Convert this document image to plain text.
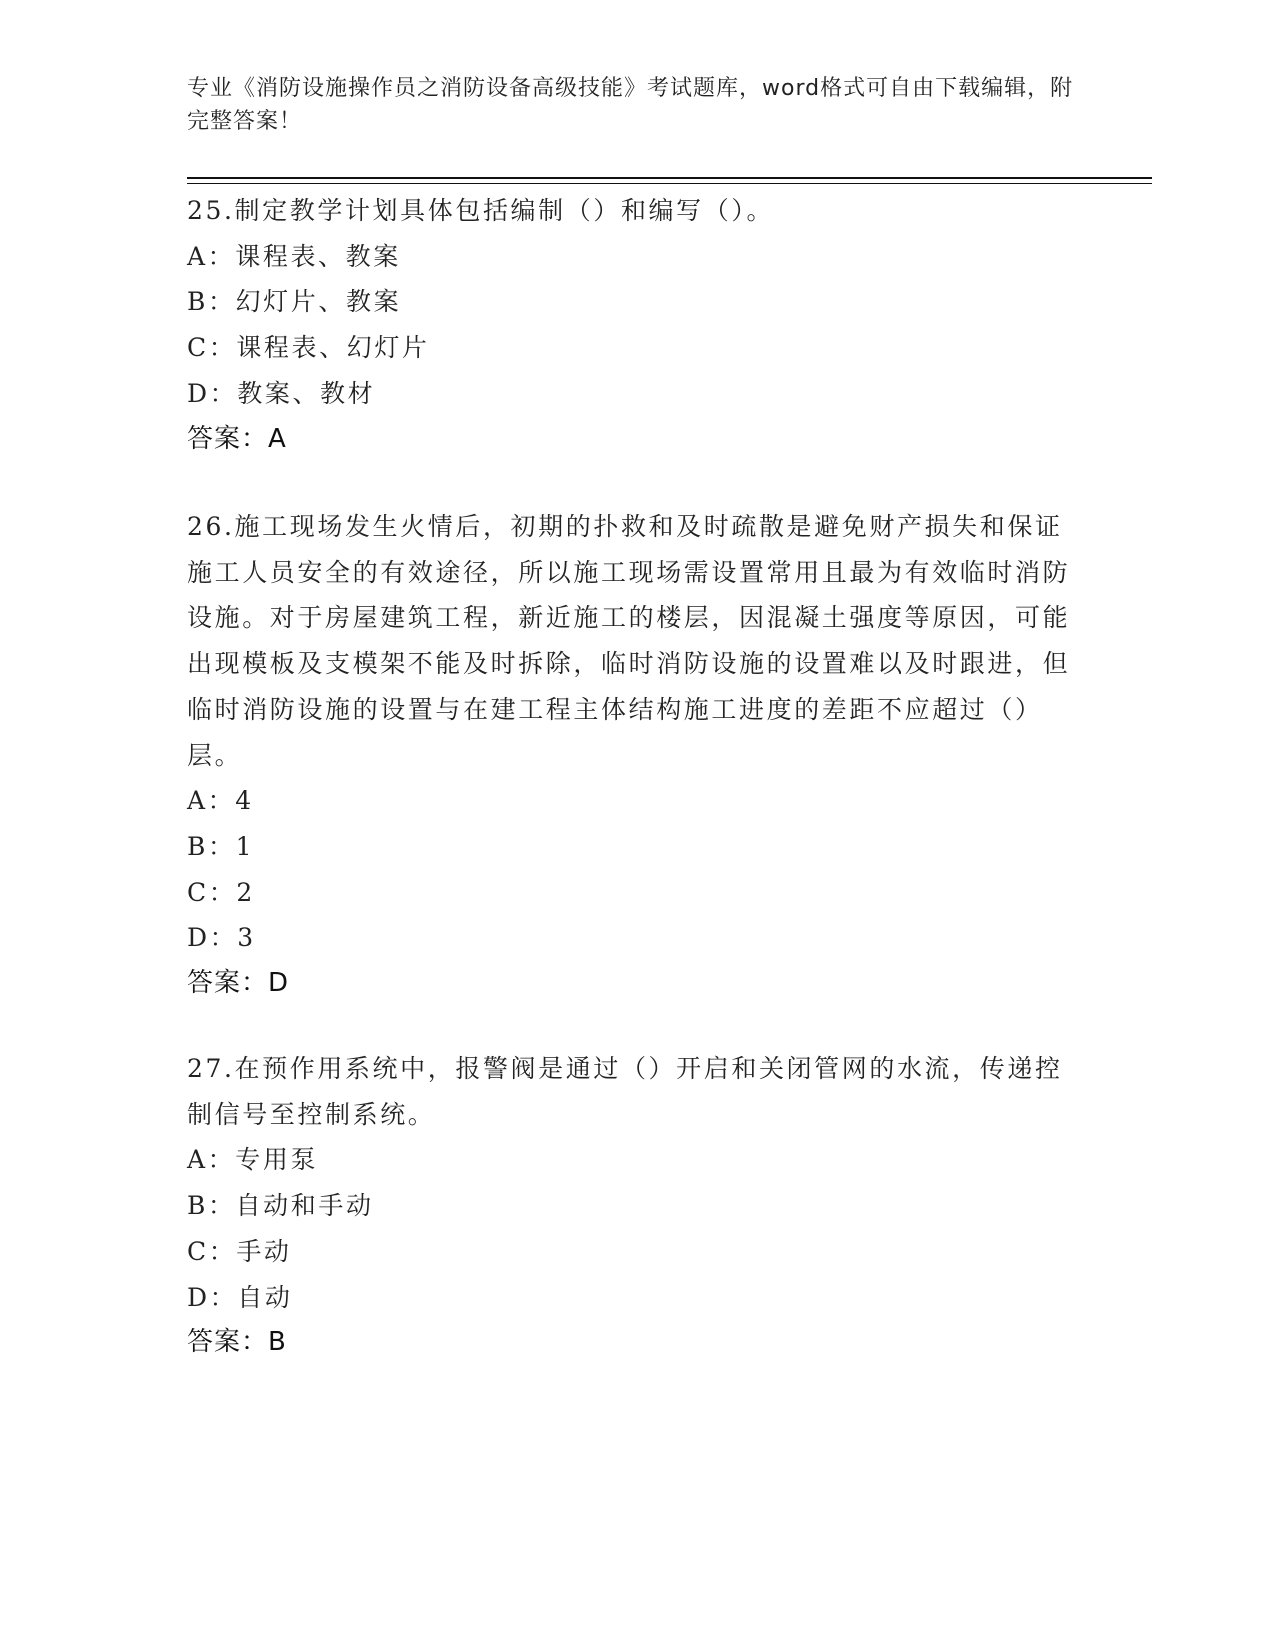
专业《消防设施操作员之消防设备高级技能》考试题库，word格式可自由下载编辑，附完整答案！

25.制定教学计划具体包括编制（）和编写（）。

A：课程表、教案

B：幻灯片、教案

C：课程表、幻灯片

D：教案、教材

答案：A

26.施工现场发生火情后，初期的扑救和及时疏散是避免财产损失和保证施工人员安全的有效途径，所以施工现场需设置常用且最为有效临时消防设施。对于房屋建筑工程，新近施工的楼层，因混凝土强度等原因，可能出现模板及支模架不能及时拆除，临时消防设施的设置难以及时跟进，但临时消防设施的设置与在建工程主体结构施工进度的差距不应超过（）层。

A：4

B：1

C：2

D：3

答案：D

27.在预作用系统中，报警阀是通过（）开启和关闭管网的水流，传递控制信号至控制系统。

A：专用泵

B：自动和手动

C：手动

D：自动

答案：B
